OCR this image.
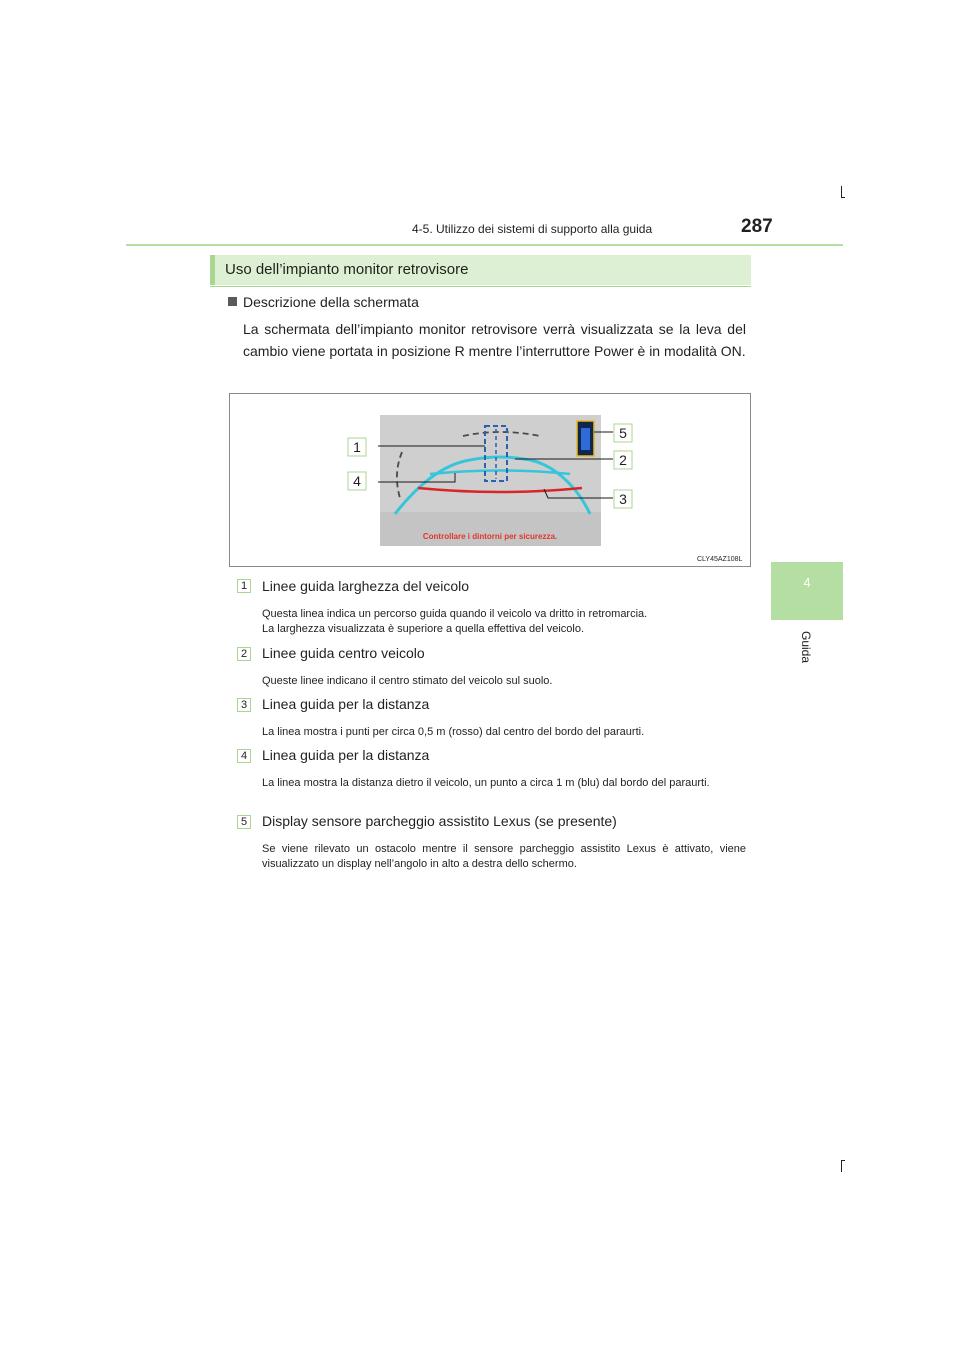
4-5. Utilizzo dei sistemi di supporto alla guida	287
4
Guida
Uso dell’impianto monitor retrovisore
Descrizione della schermata
La schermata dell’impianto monitor retrovisore verrà visualizzata se la leva del cambio viene portata in posizione R mentre l’interruttore Power è in modalità ON.
1
2
3
4
5
Controllare i dintorni per sicurezza.
CLY45AZ108L
1 Linee guida larghezza del veicolo

Questa linea indica un percorso guida quando il veicolo va dritto in retromarcia.

La larghezza visualizzata è superiore a quella effettiva del veicolo.

2 Linee guida centro veicolo

Queste linee indicano il centro stimato del veicolo sul suolo.

3 Linea guida per la distanza

La linea mostra i punti per circa 0,5 m (rosso) dal centro del bordo del paraurti.

4 Linea guida per la distanza

La linea mostra la distanza dietro il veicolo, un punto a circa 1 m (blu) dal bordo del paraurti.

5 Display sensore parcheggio assistito Lexus (se presente)

Se viene rilevato un ostacolo mentre il sensore parcheggio assistito Lexus è attivato, viene visualizzato un display nell’angolo in alto a destra dello schermo.
